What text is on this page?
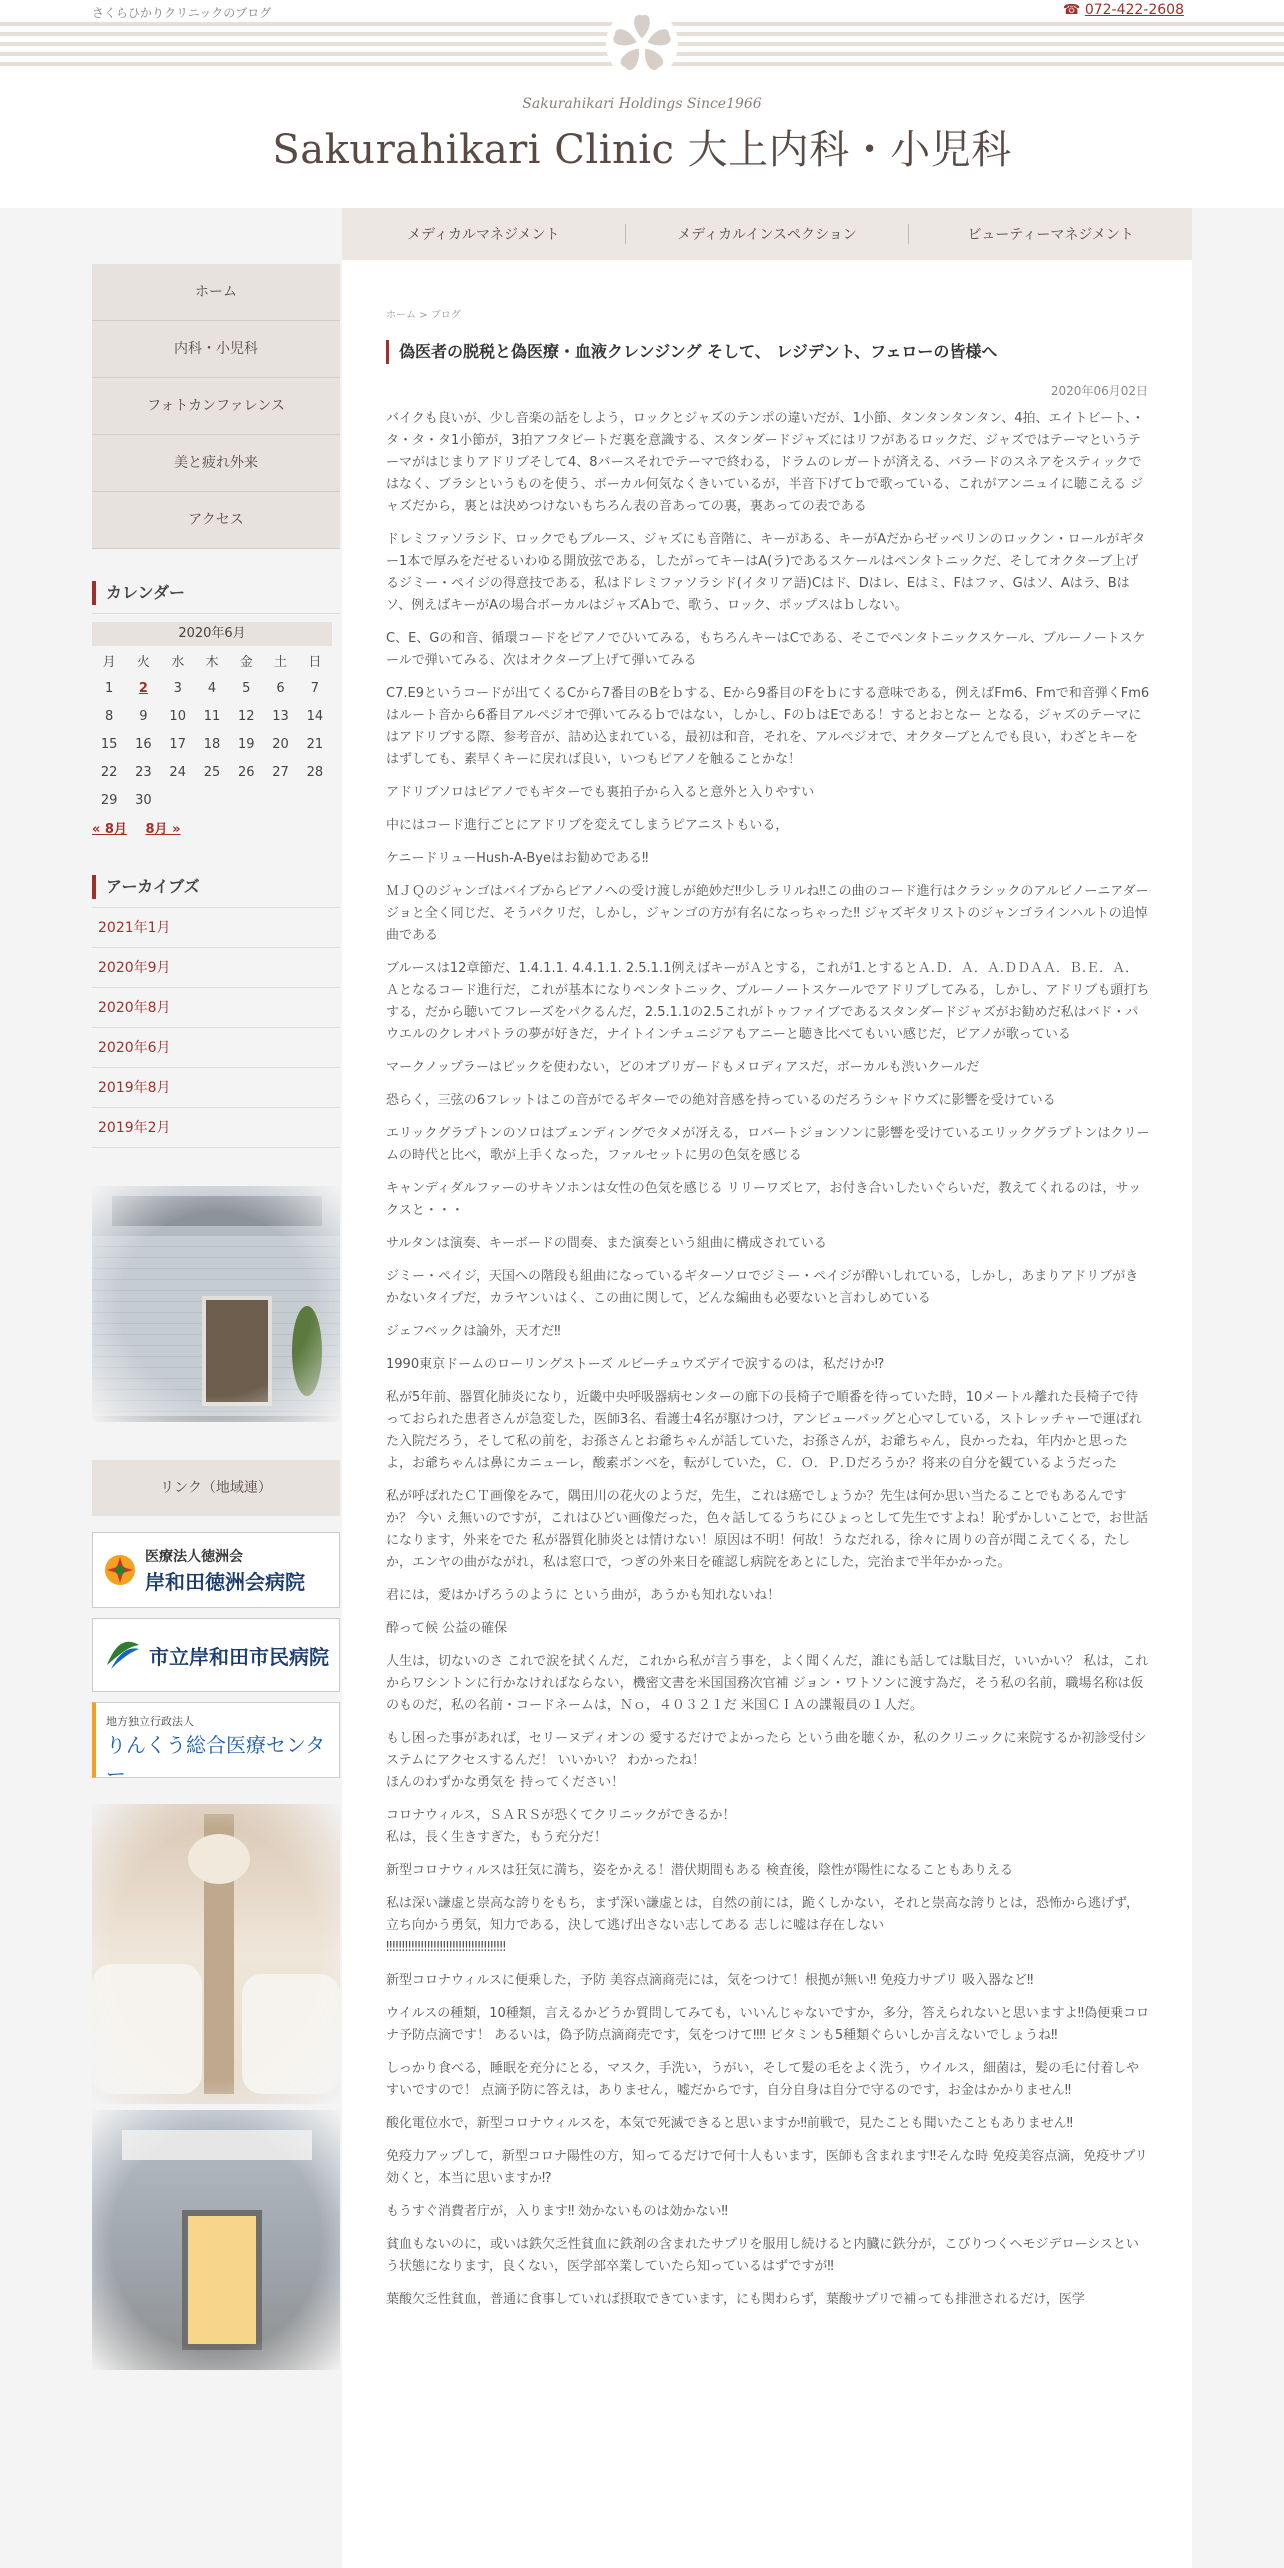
さくらひかりクリニックのブログ	☎ 072-422-2608
Sakurahikari Holdings Since1966
Sakurahikari Clinic 大上内科・小児科
メディカルマネジメント	メディカルインスペクション	ビューティーマネジメント
ホーム
内科・小児科
フォトカンファレンス
美と疲れ外来
アクセス
カレンダー
2020年6月
月	火	水	木	金	土	日
1	2	3	4	5	6	7
8	9	10	11	12	13	14
15	16	17	18	19	20	21
22	23	24	25	26	27	28
29	30					
« 8月 8月 »
アーカイブズ
2021年1月
2020年9月
2020年8月
2020年6月
2019年8月
2019年2月
リンク（地域連）
医療法人徳洲会
岸和田徳洲会病院
市立岸和田市民病院
地方独立行政法人
りんくう総合医療センター
ホーム > ブログ
偽医者の脱税と偽医療・血液クレンジング そして、 レジデント、フェローの皆様へ
2020年06月02日

バイクも良いが、少し音楽の話をしよう，ロックとジャズのテンポの違いだが、1小節、タンタンタンタン、4拍、エイトビート、・タ・タ・タ1小節が，3拍アフタビートだ裏を意識する、スタンダードジャズにはリフがあるロックだ、ジャズではテーマというテーマがはじまりアドリブそして4、8バースそれでテーマで終わる，ドラムのレガートが済える、バラードのスネアをスティックではなく、ブラシというものを使う、ボーカル何気なくきいているが，半音下げてｂで歌っている、これがアンニュイに聴こえる ジャズだから，裏とは決めつけないもちろん表の音あっての裏，裏あっての表である

ドレミファソラシド、ロックでもブルース、ジャズにも音階に、キーがある、キーがAだからゼッペリンのロックン・ロールがギター1本で厚みをだせるいわゆる開放弦である，したがってキーはA(ラ)であるスケールはペンタトニックだ、そしてオクターブ上げるジミー・ペイジの得意技である，私はドレミファソラシド(イタリア語)Cはド、Dはレ、Eはミ、Fはファ、Gはソ、Aはラ、Bはソ、例えばキーがAの場合ボーカルはジャズAｂで、歌う、ロック、ポップスはｂしない。

C、E、Gの和音、循環コードをピアノでひいてみる，もちろんキーはCである、そこでペンタトニックスケール、ブルーノートスケールで弾いてみる、次はオクターブ上げて弾いてみる

C7.E9というコードが出てくるCから7番目のBをｂする、Eから9番目のFをｂにする意味である，例えばFm6、Fmで和音弾くFm6はルート音から6番目アルペジオで弾いてみるｂではない，しかし、FのｂはEである！するとおとなー となる，ジャズのテーマにはアドリブする際、参考音が、詰め込まれている，最初は和音，それを、アルペジオで、オクターブとんでも良い，わざとキーをはずしても、素早くキーに戻れば良い，いつもピアノを触ることかな！

アドリブソロはピアノでもギターでも裏拍子から入ると意外と入りやすい

中にはコード進行ごとにアドリブを変えてしまうピアニストもいる，

ケニードリューHush-A-Byeはお勧めである‼

ＭＪＱのジャンゴはバイブからピアノへの受け渡しが絶妙だ‼少しラリルね‼この曲のコード進行はクラシックのアルビノーニアダージョと全く同じだ、そうパクリだ，しかし，ジャンゴの方が有名になっちゃった‼ ジャズギタリストのジャンゴラインハルトの追悼曲である

ブルースは12章節だ、1.4.1.1. 4.4.1.1. 2.5.1.1例えばキーがＡとする，これが1.とするとＡ.Ｄ．Ａ．Ａ.ＤＤＡＡ．Ｂ.Ｅ．Ａ．Ａとなるコード進行だ，これが基本になりペンタトニック、ブルーノートスケールでアドリブしてみる，しかし、アドリブも頭打ちする，だから聴いてフレーズをパクるんだ，2.5.1.1の2.5これがトゥファイブであるスタンダードジャズがお勧めだ私はバド・パウエルのクレオパトラの夢が好きだ，ナイトインチュニジアもアニーと聴き比べてもいい感じだ，ピアノが歌っている

マークノップラーはピックを使わない，どのオブリガードもメロディアスだ，ボーカルも渋いクールだ

恐らく，三弦の6フレットはこの音がでるギターでの絶対音感を持っているのだろうシャドウズに影響を受けている

エリックグラプトンのソロはブェンディングでタメが冴える，ロバートジョンソンに影響を受けているエリックグラプトンはクリームの時代と比べ，歌が上手くなった，ファルセットに男の色気を感じる

キャンディダルファーのサキソホンは女性の色気を感じる リリーワズヒア，お付き合いしたいぐらいだ，教えてくれるのは，サックスと・・・

サルタンは演奏、キーボードの間奏、また演奏という組曲に構成されている

ジミー・ペイジ，天国への階段も組曲になっているギターソロでジミー・ペイジが酔いしれている，しかし，あまりアドリブがきかないタイプだ，カラヤンいはく、この曲に関して，どんな編曲も必要ないと言わしめている

ジェフベックは論外，天才だ‼

1990東京ドームのローリングストーズ ルビーチュウズデイで涙するのは，私だけか⁉

私が5年前、器質化肺炎になり，近畿中央呼吸器病センターの廊下の長椅子で順番を待っていた時，10メートル離れた長椅子で待っておられた患者さんが急変した，医師3名、看護士4名が駆けつけ，アンビューバッグと心マしている，ストレッチャーで運ばれた入院だろう，そして私の前を，お孫さんとお爺ちゃんが話していた，お孫さんが，お爺ちゃん，良かったね，年内かと思ったよ，お爺ちゃんは鼻にカニューレ，酸素ボンベを，転がしていた，Ｃ．Ｏ．Ｐ.Ｄだろうか？将来の自分を観ているようだった

私が呼ばれたＣＴ画像をみて，隅田川の花火のようだ，先生，これは癌でしょうか？先生は何か思い当たることでもあるんですか？ 今い え無いのですが，これはひどい画像だった，色々話してるうちにひょっとして先生ですよね！恥ずかしいことで，お世話になります，外来をでた 私が器質化肺炎とは情けない！原因は不明！何故！うなだれる，徐々に周りの音が聞こえてくる，たしか，エンヤの曲がながれ，私は窓口で，つぎの外来日を確認し病院をあとにした，完治まで半年かかった。

君には，愛はかげろうのように という曲が，あうかも知れないね！

酔って候 公益の確保

人生は，切ないのさ これで涙を拭くんだ，これから私が言う事を，よく聞くんだ，誰にも話しては駄目だ，いいかい？ 私は，これからワシントンに行かなければならない，機密文書を米国国務次官補 ジョン・ワトソンに渡す為だ，そう私の名前，職場名称は仮のものだ，私の名前・コードネームは，Ｎｏ，４０３２１だ 米国ＣＩＡの諜報員の１人だ。

もし困った事があれば，セリーヌディオンの 愛するだけでよかったら という曲を聴くか，私のクリニックに来院するか初診受付システムにアクセスするんだ！ いいかい？ わかったね！
ほんのわずかな勇気を 持ってください！

コロナウィルス，ＳＡＲＳが恐くてクリニックができるか！
私は，長く生きすぎた，もう充分だ！

新型コロナウィルスは狂気に満ち，姿をかえる！潜伏期間もある 検査後，陰性が陽性になることもありえる

私は深い謙虚と崇高な誇りをもち，まず深い謙虚とは，自然の前には，跪くしかない，それと崇高な誇りとは，恐怖から逃げず，立ち向かう勇気，知力である，決して逃げ出さない志してある 志しに嘘は存在しない
‼‼‼‼‼‼‼‼‼‼‼‼‼‼‼‼‼‼‼

新型コロナウィルスに便乗した，予防 美容点滴商売には，気をつけて！根拠が無い‼ 免疫力サプリ 吸入器など‼

ウイルスの種類，10種類，言えるかどうか質問してみても，いいんじゃないですか，多分，答えられないと思いますよ‼偽便乗コロナ予防点滴です！ あるいは，偽予防点滴商売です，気をつけて‼‼ ビタミンも5種類ぐらいしか言えないでしょうね‼

しっかり食べる，睡眠を充分にとる，マスク，手洗い，うがい，そして髪の毛をよく洗う，ウイルス，細菌は，髪の毛に付着しやすいですので！ 点滴予防に答えは，ありません，嘘だからです，自分自身は自分で守るのです，お金はかかりません‼

酸化電位水で，新型コロナウィルスを，本気で死滅できると思いますか‼前戦で，見たことも聞いたこともありません‼

免疫力アップして，新型コロナ陽性の方，知ってるだけで何十人もいます，医師も含まれます‼そんな時 免疫美容点滴，免疫サプリ効くと，本当に思いますか⁉

もうすぐ消費者庁が，入ります‼ 効かないものは効かない‼

貧血もないのに，或いは鉄欠乏性貧血に鉄剤の含まれたサプリを服用し続けると内臓に鉄分が，こびりつくヘモジデローシスという状態になります，良くない，医学部卒業していたら知っているはずですが‼

葉酸欠乏性貧血，普通に食事していれば摂取できています，にも関わらず，葉酸サプリで補っても排泄されるだけ，医学
